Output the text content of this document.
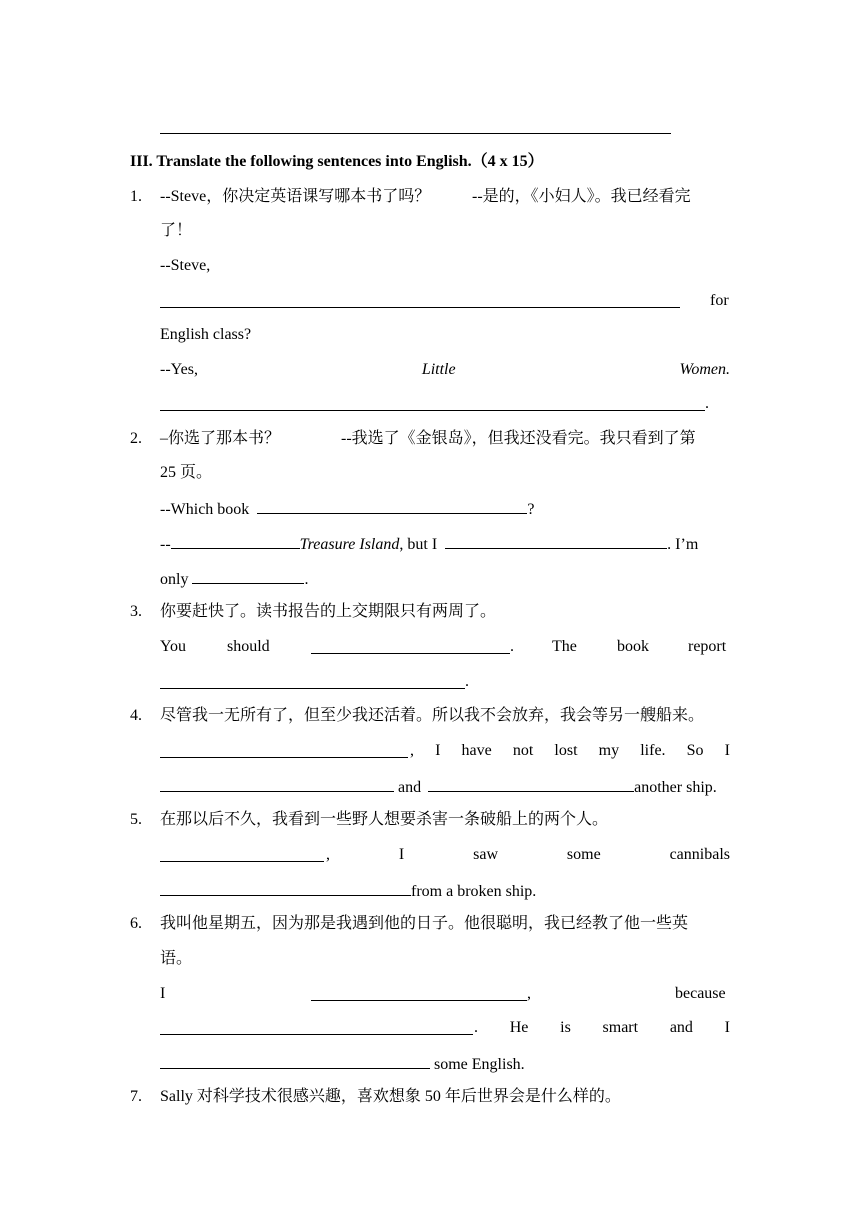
III. Translate the following sentences into English.（4 x 15）
1. --Steve，你决定英语课写哪本书了吗？	--是的，《小妇人》。我已经看完
了！
--Steve,
for
English class?
--Yes,	Little	Women.
.
2. –你选了那本书？	--我选了《金银岛》，但我还没看完。我只看到了第
25 页。
--Which book	?
--	Treasure Island, but I	. I’m
only	.
3. 你要赶快了。读书报告的上交期限只有两周了。
You	should	. The	book report
.
4. 尽管我一无所有了，但至少我还活着。所以我不会放弃，我会等另一艘船来。
, I have not lost my life. So I
and	another ship.
5. 在那以后不久，我看到一些野人想要杀害一条破船上的两个人。
,	I	saw	some	cannibals
from a broken ship.
6. 我叫他星期五，因为那是我遇到他的日子。他很聪明，我已经教了他一些英
语。
I	,	because
. He is smart and I
some English.
7. Sally 对科学技术很感兴趣，喜欢想象 50 年后世界会是什么样的。
